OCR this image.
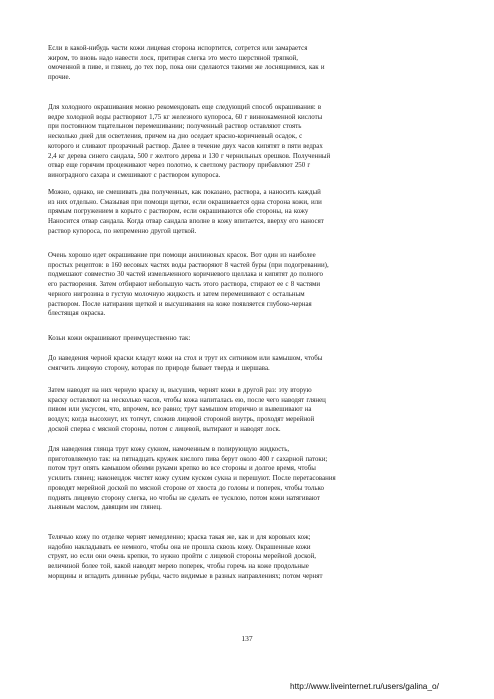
Если в какой-нибудь части кожи лицевая сторона испортится, сотрется или замарается
жиром, то вновь надо навести лоск, притирая слегка это место шерстяной тряпкой,
омоченной в пиве, и глянец, до тех пор, пока они сделаются такими же лоснящимися, как и
прочие.
Для холодного окрашивания можно рекомендовать еще следующий способ окрашивания: в
ведре холодной воды растворяют 1,75 кг железного купороса, 60 г виннокаменной кислоты
при постоянном тщательном перемешивании; полученный раствор оставляют стоять
несколько дней для осветления, причем на дно оседает красно-коричневый осадок, с
которого и сливают прозрачный раствор. Далее в течение двух часов кипятят в пяти ведрах
2,4 кг дерева синего сандала, 500 г желтого дерева и 130 г чернильных орешков. Полученный
отвар еще горячим процеживают через полотно, к светлому раствору прибавляют 250 г
виноградного сахара и смешивают с раствором купороса.
Можно, однако, не смешивать два полученных, как показано, раствора, а наносить каждый
из них отдельно. Смазывая при помощи щетки, если окрашивается одна сторона кожи, или
прямым погружением в корыто с раствором, если окрашиваются обе стороны, на кожу
Наносится отвар сандала. Когда отвар сандала вполне в кожу впитается, вверху его наносят
раствор купороса, по непременно другой щеткой.
Очень хорошо идет окрашивание при помощи анилиновых красок. Вот один из наиболее
простых рецептов: в 160 весовых частях воды растворяют 8 частей буры (при подогревании),
подмешают совместно 30 частей измельченного коричневого щеллака и кипятят до полного
его растворения. Затем отбирают небольшую часть этого раствора, стирают ее с 8 частями
черного нигрозина в густую молочную жидкость и затем перемешивают с остальным
раствором. После натирания щеткой и высушивания на коже появляется глубоко-черная
блестящая окраска.
Козьи кожи окрашивают преимущественно так:
До наведения черной краски кладут кожи на стол и трут их ситником или камышом, чтобы
смягчить лицевую сторону, которая по природе бывает тверда и шершава.
Затем наводят на них черную краску и, высушив, чернят кожи в другой раз: эту вторую
краску оставляют на несколько часов, чтобы кожа напиталась ею, после чего наводят глянец
пивом или уксусом, что, впрочем, все равно; трут камышом вторично и вывешивают на
воздух; когда высохнут, их топчут, сложив лицевой стороной внутрь, проходят мерейной
доской сперва с мясной стороны, потом с лицевой, вытирают и наводят лоск.
Для наведения глянца трут кожу сукном, намоченным в полирующую жидкость,
приготовляемую так: на пятнадцать кружек кислого пива берут около 400 г сахарной патоки;
потом трут опять камышом обеими руками крепко во все стороны и долгое время, чтобы
усилить глянец; наконецдок чистят кожу сухим куском сукна и перешуют. После перетасования
проводят мерейной доской по мясной стороне от хвоста до головы и поперек, чтобы только
поднять лицевую сторону слегка, но чтобы не сделать ее тусклою, потом кожи натягивают
льняным маслом, давящим им глянец.
Телячью кожу по отделке чернят немедленно; краска такая же, как и для коровьих кож;
надобно накладывать ее немного, чтобы она не прошла сквозь кожу. Окрашенные кожи
струят, но если они очень крепки, то нужно пройти с лицевой стороны мерейной доской,
величиной более той, какой наводят мерею поперек, чтобы горечь на коже продольные
морщины и вгладить длинные рубцы, часто видимые в разных направлениях; потом чернят
137
http://www.liveinternet.ru/users/galina_o/
